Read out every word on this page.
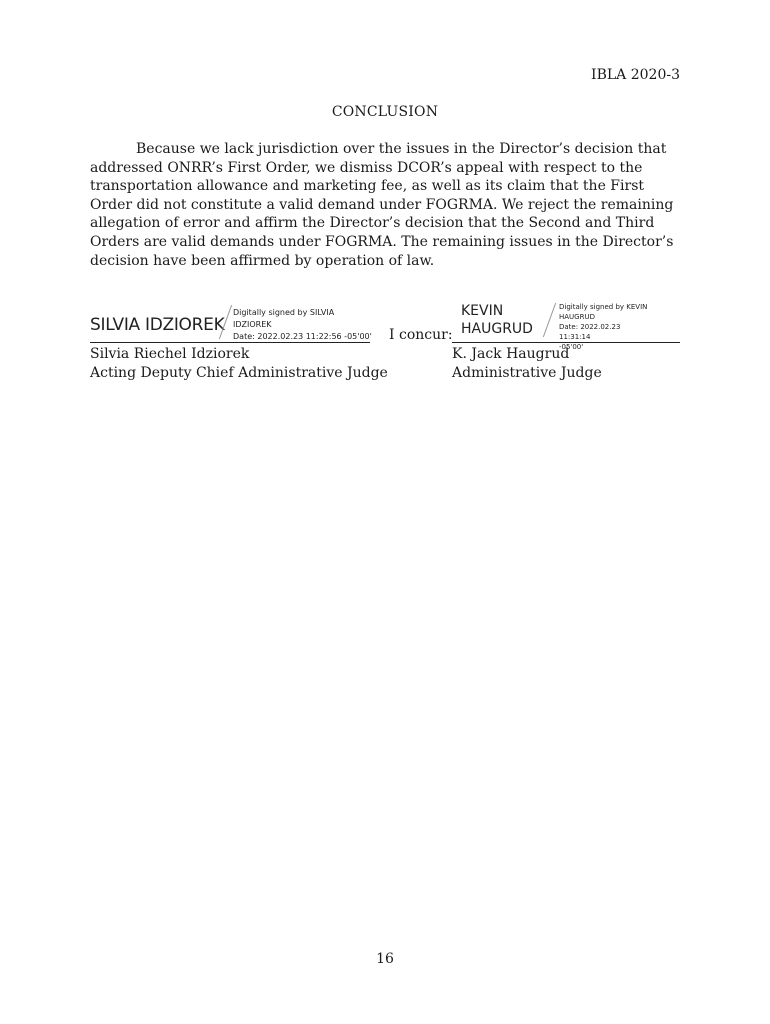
IBLA 2020-3
CONCLUSION

Because we lack jurisdiction over the issues in the Director’s decision that addressed ONRR’s First Order, we dismiss DCOR’s appeal with respect to the transportation allowance and marketing fee, as well as its claim that the First Order did not constitute a valid demand under FOGRMA. We reject the remaining allegation of error and affirm the Director’s decision that the Second and Third Orders are valid demands under FOGRMA. The remaining issues in the Director’s decision have been affirmed by operation of law.

SILVIA IDZIOREK
Digitally signed by SILVIA
IDZIOREK
Date: 2022.02.23 11:22:56 -05'00'
Silvia Riechel Idziorek
Acting Deputy Chief Administrative Judge
I concur:
KEVIN
HAUGRUD
Digitally signed by KEVIN
HAUGRUD
Date: 2022.02.23 11:31:14
-05'00'
K. Jack Haugrud
Administrative Judge
16
